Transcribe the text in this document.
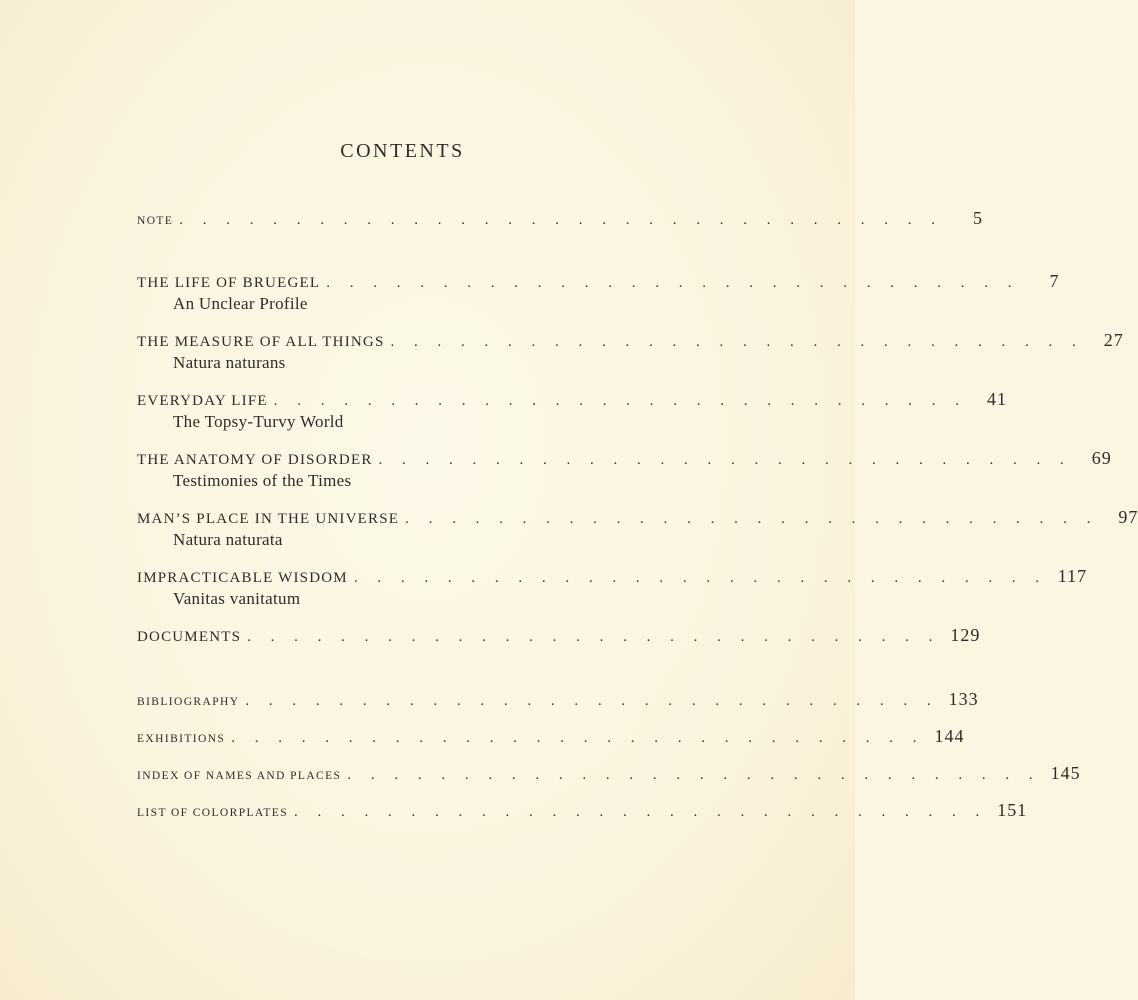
CONTENTS
NOTE . . . . . . . . . . . . . . . . . . . . . . . . . . . . . . . . .	5
THE LIFE OF BRUEGEL . . . . . . . . . . . . . . . . . . . . . . . . . . . . . .	7
An Unclear Profile
THE MEASURE OF ALL THINGS . . . . . . . . . . . . . . . . . . . . . . . . . . . . . .	27
Natura naturans
EVERYDAY LIFE . . . . . . . . . . . . . . . . . . . . . . . . . . . . . .	41
The Topsy-Turvy World
THE ANATOMY OF DISORDER . . . . . . . . . . . . . . . . . . . . . . . . . . . . . .	69
Testimonies of the Times
MAN’S PLACE IN THE UNIVERSE . . . . . . . . . . . . . . . . . . . . . . . . . . . . . .	97
Natura naturata
IMPRACTICABLE WISDOM . . . . . . . . . . . . . . . . . . . . . . . . . . . . . . 117
Vanitas vanitatum
DOCUMENTS . . . . . . . . . . . . . . . . . . . . . . . . . . . . . . 129
BIBLIOGRAPHY . . . . . . . . . . . . . . . . . . . . . . . . . . . . . . 133
EXHIBITIONS . . . . . . . . . . . . . . . . . . . . . . . . . . . . . . 144
INDEX OF NAMES AND PLACES . . . . . . . . . . . . . . . . . . . . . . . . . . . . . . 145
LIST OF COLORPLATES . . . . . . . . . . . . . . . . . . . . . . . . . . . . . . 151
